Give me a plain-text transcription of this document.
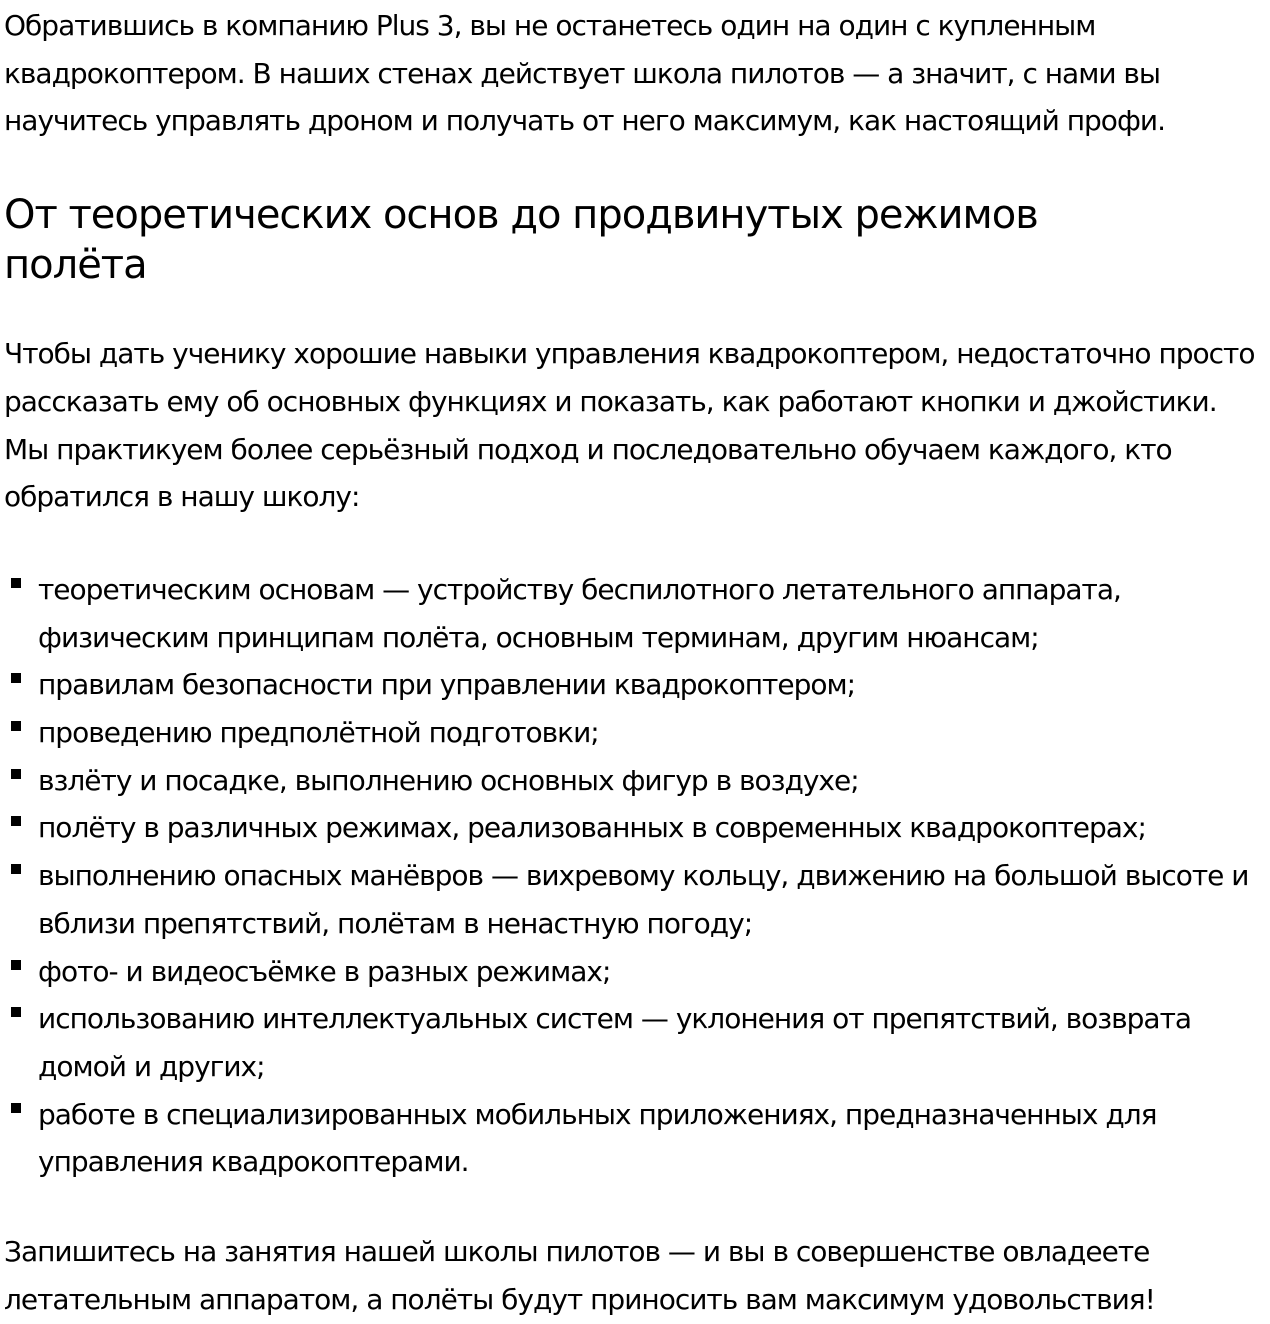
Обратившись в компанию Plus 3, вы не останетесь один на один с купленным квадрокоптером. В наших стенах действует школа пилотов — а значит, с нами вы научитесь управлять дроном и получать от него максимум, как настоящий профи.

От теоретических основ до продвинутых режимов полёта

Чтобы дать ученику хорошие навыки управления квадрокоптером, недостаточно просто рассказать ему об основных функциях и показать, как работают кнопки и джойстики. Мы практикуем более серьёзный подход и последовательно обучаем каждого, кто обратился в нашу школу:

теоретическим основам — устройству беспилотного летательного аппарата, физическим принципам полёта, основным терминам, другим нюансам;
правилам безопасности при управлении квадрокоптером;
проведению предполётной подготовки;
взлёту и посадке, выполнению основных фигур в воздухе;
полёту в различных режимах, реализованных в современных квадрокоптерах;
выполнению опасных манёвров — вихревому кольцу, движению на большой высоте и вблизи препятствий, полётам в ненастную погоду;
фото- и видеосъёмке в разных режимах;
использованию интеллектуальных систем — уклонения от препятствий, возврата домой и других;
работе в специализированных мобильных приложениях, предназначенных для управления квадрокоптерами.

Запишитесь на занятия нашей школы пилотов — и вы в совершенстве овладеете летательным аппаратом, а полёты будут приносить вам максимум удовольствия!
